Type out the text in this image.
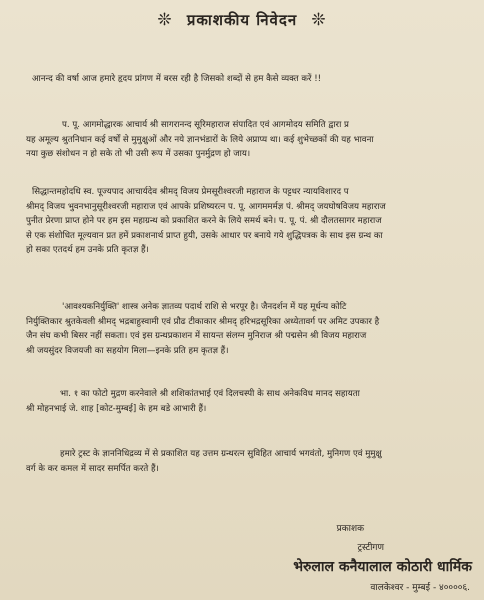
❊ प्रकाशकीय निवेदन ❊
आनन्द की वर्षा आज हमारे हृदय प्रांगण में बरस रही है जिसको शब्दों से हम कैसे व्यक्त करें !!
प. पू. आगमोद्धारक आचार्य श्री सागरानन्द सूरिमहाराज संपादित एवं आगमोदय समिति द्वारा प्र
यह अमूल्य श्रुतनिधान कई वर्षों से मुमुक्षुओं और नये ज्ञानभंडारों के लिये अप्राप्य था। कई शुभेच्छकों की यह भावना
नया कुछ संशोधन न हो सके तो भी उसी रूप में उसका पुनर्मुद्रण हो जाय।
सिद्धान्तमहोदधि स्व. पूज्यपाद आचार्यदेव श्रीमद् विजय प्रेमसूरीश्वरजी महाराज के पट्टधर न्यायविशारद प
श्रीमद् विजय भुवनभानुसूरीश्वरजी महाराज एवं आपके प्रशिष्यरत्न प. पू. आगममर्मज्ञ पं. श्रीमद् जयघोषविजय महाराज
पुनीत प्रेरणा प्राप्त होने पर हम इस महाग्रन्थ को प्रकाशित करने के लिये समर्थ बने। प. पू. पं. श्री दौलतसागर महाराज
से एक संशोधित मूल्यवान प्रत हमें प्रकाशनार्थ प्राप्त हुयी, उसके आधार पर बनाये गये शुद्धिपत्रक के साथ इस ग्रन्थ का
हो सका एतदर्थ हम उनके प्रति कृतज्ञ हैं।
'आवश्यकनिर्युक्ति' शास्त्र अनेक ज्ञातव्य पदार्थ राशि से भरपूर है। जैनदर्शन में यह मूर्धन्य कोटि
निर्युक्तिकार श्रुतकेवली श्रीमद् भद्रबाहुस्वामी एवं प्रौढ टीकाकार श्रीमद् हरिभद्रसूरिका अध्येतावर्ग पर अमिट उपकार है
जैन संघ कभी बिसर नहीं सकता। एवं इस ग्रन्थप्रकाशन में सायन्त संलग्न मुनिराज श्री पद्मसेन श्री विजय महाराज
श्री जयसुंदर विजयजी का सहयोग मिला—इनके प्रति हम कृतज्ञ हैं।
भा. १ का फोटो मुद्रण करनेवाले श्री शशिकांतभाई एवं दिलचस्पी के साथ अनेकविध मानद सहायता
श्री मोहनभाई जे. शाह [कोट-मुम्बई] के हम बडे आभारी हैं।
हमारे ट्रस्ट के ज्ञाननिधिद्रव्य में से प्रकाशित यह उत्तम ग्रन्थरत्न सुविहित आचार्य भगवंतो, मुनिगण एवं मुमुक्षु
वर्ग के कर कमल में सादर समर्पित करते हैं।
प्रकाशक
ट्रस्टीगण
भेरुलाल कनैयालाल कोठारी धार्मिक
वालकेश्वर - मुम्बई - ४००००६.
